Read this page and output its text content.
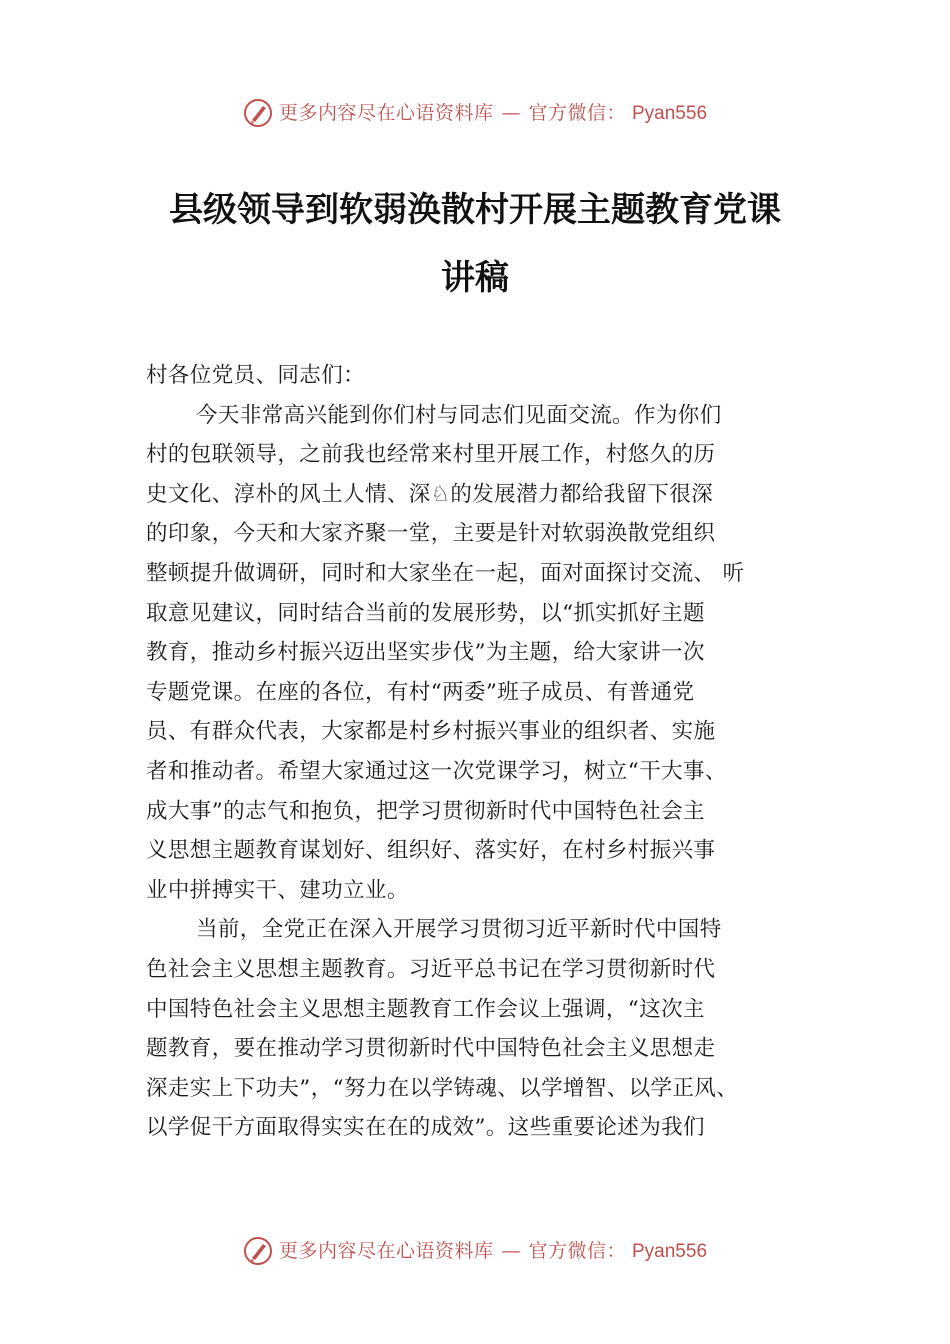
更多内容尽在心语资料库 — 官方微信： Pyan556
县级领导到软弱涣散村开展主题教育党课
讲稿

村各位党员、同志们：

今天非常高兴能到你们村与同志们见面交流。作为你们
村的包联领导，之前我也经常来村里开展工作，村悠久的历
史文化、淳朴的风土人情、深♘的发展潜力都给我留下很深
的印象，今天和大家齐聚一堂，主要是针对软弱涣散党组织
整顿提升做调研，同时和大家坐在一起，面对面探讨交流、 听
取意见建议，同时结合当前的发展形势，以“抓实抓好主题
教育，推动乡村振兴迈出坚实步伐”为主题，给大家讲一次
专题党课。在座的各位，有村“两委”班子成员、有普通党
员、有群众代表，大家都是村乡村振兴事业的组织者、实施
者和推动者。希望大家通过这一次党课学习，树立“干大事、
成大事”的志气和抱负，把学习贯彻新时代中国特色社会主
义思想主题教育谋划好、组织好、落实好，在村乡村振兴事
业中拼搏实干、建功立业。

当前，全党正在深入开展学习贯彻习近平新时代中国特
色社会主义思想主题教育。习近平总书记在学习贯彻新时代
中国特色社会主义思想主题教育工作会议上强调，“这次主
题教育，要在推动学习贯彻新时代中国特色社会主义思想走
深走实上下功夫”，“努力在以学铸魂、以学增智、以学正风、
以学促干方面取得实实在在的成效”。这些重要论述为我们

更多内容尽在心语资料库 — 官方微信： Pyan556
